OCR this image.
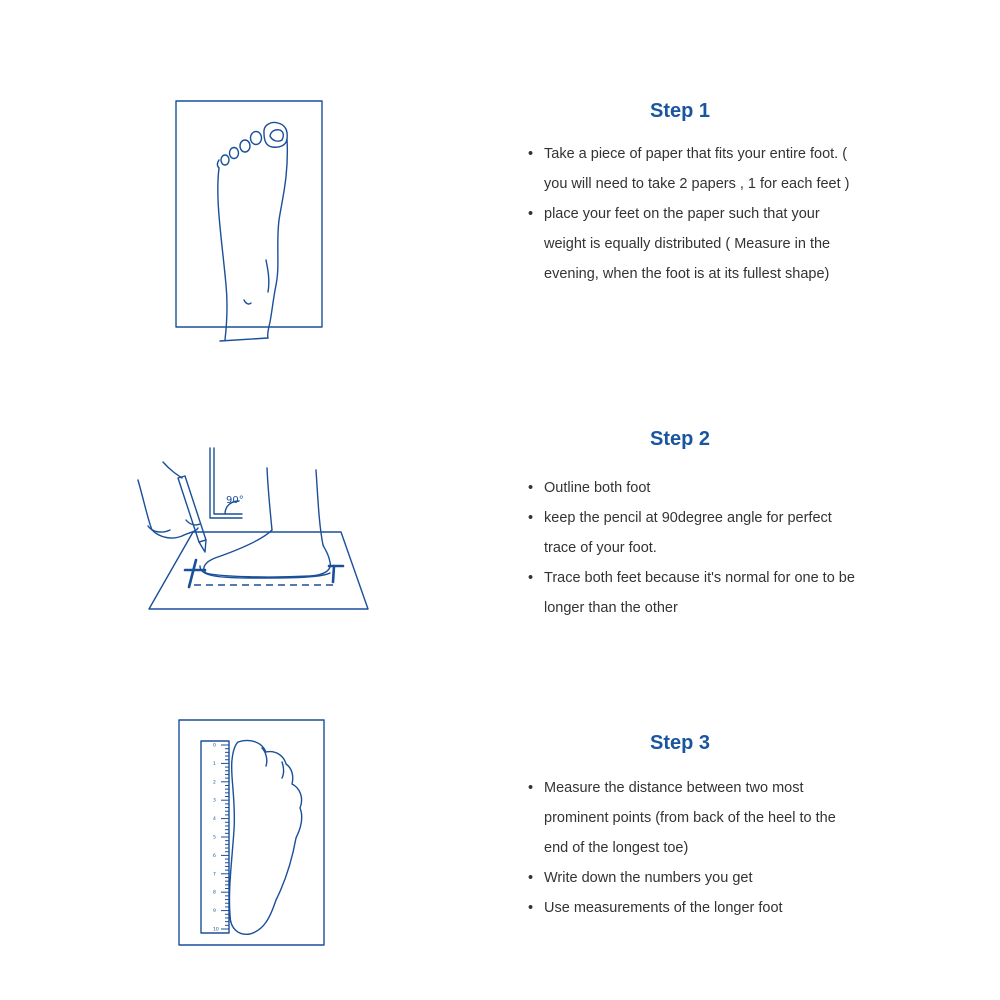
90°
0
1
2
3
4
5
6
7
8
9
10
Step 1
• Take a piece of paper that fits your entire foot. ( you will need to take 2 papers , 1 for each feet )
• place your feet on the paper such that your weight is equally distributed ( Measure in the evening, when the foot is at its fullest shape)
Step 2
• Outline both foot
• keep the pencil at 90degree angle for perfect trace of your foot.
• Trace both feet because it's normal for one to be longer than the other
Step 3
• Measure the distance between two most prominent points (from back of the heel to the end of the longest toe)
• Write down the numbers you get
• Use measurements of the longer foot
